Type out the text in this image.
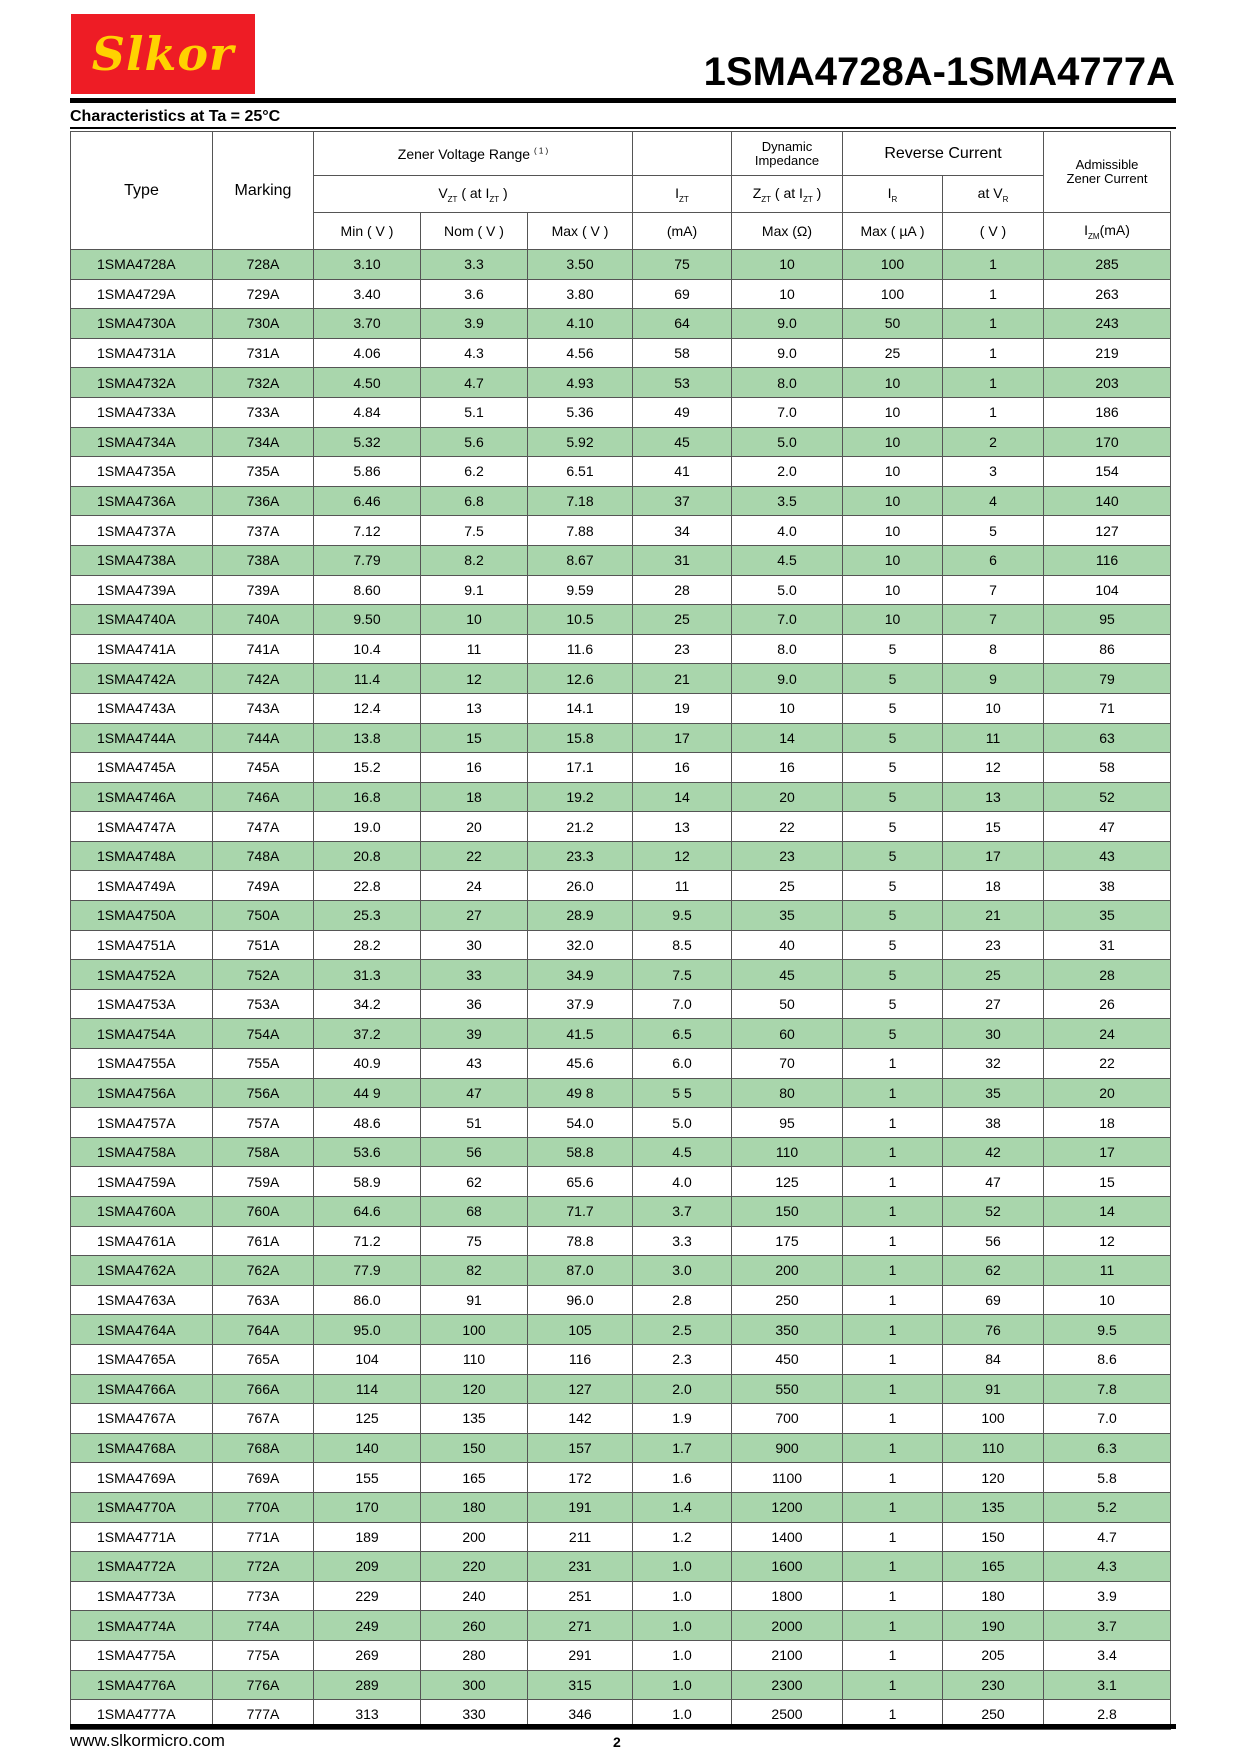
Slkor	1SMA4728A-1SMA4777A
Characteristics at Ta = 25°C
Type	Marking	Zener Voltage Range $^{( 1 )}$				Dynamic
Impedance	Reverse Current		Admissible
Zener Current
		$V_{ZT}$ ( at $I_{ZT}$ )			$I_{ZT}$	$Z_{ZT}$ ( at $I_{ZT}$ )	$I_R$	at $V_R$
		Min ( V )	Nom ( V )	Max ( V )	(mA)	Max (Ω)	Max ( µA )	( V )	$I_{ZM}(mA)$
1SMA4728A	728A	3.10	3.3	3.50	75	10	100	1	285
1SMA4729A	729A	3.40	3.6	3.80	69	10	100	1	263
1SMA4730A	730A	3.70	3.9	4.10	64	9.0	50	1	243
1SMA4731A	731A	4.06	4.3	4.56	58	9.0	25	1	219
1SMA4732A	732A	4.50	4.7	4.93	53	8.0	10	1	203
1SMA4733A	733A	4.84	5.1	5.36	49	7.0	10	1	186
1SMA4734A	734A	5.32	5.6	5.92	45	5.0	10	2	170
1SMA4735A	735A	5.86	6.2	6.51	41	2.0	10	3	154
1SMA4736A	736A	6.46	6.8	7.18	37	3.5	10	4	140
1SMA4737A	737A	7.12	7.5	7.88	34	4.0	10	5	127
1SMA4738A	738A	7.79	8.2	8.67	31	4.5	10	6	116
1SMA4739A	739A	8.60	9.1	9.59	28	5.0	10	7	104
1SMA4740A	740A	9.50	10	10.5	25	7.0	10	7	95
1SMA4741A	741A	10.4	11	11.6	23	8.0	5	8	86
1SMA4742A	742A	11.4	12	12.6	21	9.0	5	9	79
1SMA4743A	743A	12.4	13	14.1	19	10	5	10	71
1SMA4744A	744A	13.8	15	15.8	17	14	5	11	63
1SMA4745A	745A	15.2	16	17.1	16	16	5	12	58
1SMA4746A	746A	16.8	18	19.2	14	20	5	13	52
1SMA4747A	747A	19.0	20	21.2	13	22	5	15	47
1SMA4748A	748A	20.8	22	23.3	12	23	5	17	43
1SMA4749A	749A	22.8	24	26.0	11	25	5	18	38
1SMA4750A	750A	25.3	27	28.9	9.5	35	5	21	35
1SMA4751A	751A	28.2	30	32.0	8.5	40	5	23	31
1SMA4752A	752A	31.3	33	34.9	7.5	45	5	25	28
1SMA4753A	753A	34.2	36	37.9	7.0	50	5	27	26
1SMA4754A	754A	37.2	39	41.5	6.5	60	5	30	24
1SMA4755A	755A	40.9	43	45.6	6.0	70	1	32	22
1SMA4756A	756A	44 9	47	49 8	5 5	80	1	35	20
1SMA4757A	757A	48.6	51	54.0	5.0	95	1	38	18
1SMA4758A	758A	53.6	56	58.8	4.5	110	1	42	17
1SMA4759A	759A	58.9	62	65.6	4.0	125	1	47	15
1SMA4760A	760A	64.6	68	71.7	3.7	150	1	52	14
1SMA4761A	761A	71.2	75	78.8	3.3	175	1	56	12
1SMA4762A	762A	77.9	82	87.0	3.0	200	1	62	11
1SMA4763A	763A	86.0	91	96.0	2.8	250	1	69	10
1SMA4764A	764A	95.0	100	105	2.5	350	1	76	9.5
1SMA4765A	765A	104	110	116	2.3	450	1	84	8.6
1SMA4766A	766A	114	120	127	2.0	550	1	91	7.8
1SMA4767A	767A	125	135	142	1.9	700	1	100	7.0
1SMA4768A	768A	140	150	157	1.7	900	1	110	6.3
1SMA4769A	769A	155	165	172	1.6	1100	1	120	5.8
1SMA4770A	770A	170	180	191	1.4	1200	1	135	5.2
1SMA4771A	771A	189	200	211	1.2	1400	1	150	4.7
1SMA4772A	772A	209	220	231	1.0	1600	1	165	4.3
1SMA4773A	773A	229	240	251	1.0	1800	1	180	3.9
1SMA4774A	774A	249	260	271	1.0	2000	1	190	3.7
1SMA4775A	775A	269	280	291	1.0	2100	1	205	3.4
1SMA4776A	776A	289	300	315	1.0	2300	1	230	3.1
1SMA4777A	777A	313	330	346	1.0	2500	1	250	2.8
www.slkormicro.com	2
